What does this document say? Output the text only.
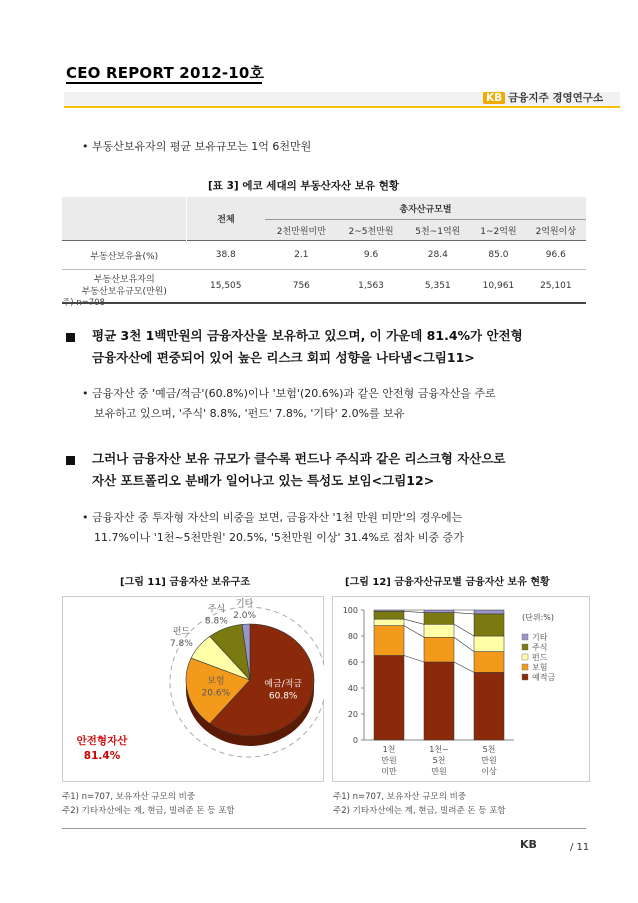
CEO REPORT 2012-10호
KB 금융지주 경영연구소
• 부동산보유자의 평균 보유규모는 1억 6천만원
[표 3] 에코 세대의 부동산자산 보유 현황
	전체	총자산규모별				
		2천만원미만	2~5천만원	5천~1억원	1~2억원	2억원이상
부동산보유율(%)	38.8	2.1	9.6	28.4	85.0	96.6
부동산보유자의
부동산보유규모(만원)	15,505	756	1,563	5,351	10,961	25,101
주) n=708
평균 3천 1백만원의 금융자산을 보유하고 있으며, 이 가운데 81.4%가 안전형
금융자산에 편중되어 있어 높은 리스크 회피 성향을 나타냄<그림11>
• 금융자산 중 '예금/적금'(60.8%)이나 '보험'(20.6%)과 같은 안전형 금융자산을 주로
보유하고 있으며, '주식' 8.8%, '펀드' 7.8%, '기타' 2.0%를 보유
그러나 금융자산 보유 규모가 클수록 펀드나 주식과 같은 리스크형 자산으로
자산 포트폴리오 분배가 일어나고 있는 특성도 보임<그림12>
• 금융자산 중 투자형 자산의 비중을 보면, 금융자산 '1천 만원 미만'의 경우에는
11.7%이나 '1천~5천만원' 20.5%, '5천만원 이상' 31.4%로 점차 비중 증가
[그림 11] 금융자산 보유구조	[그림 12] 금융자산규모별 금융자산 보유 현황
예금/적금
60.8%
보험
20.6%
펀드
7.8%
주식
8.8%
기타
2.0%
안전형자산
81.4%
(단위:%)
0
20
40
60
80
100
1천
만원
미만
1천~
5천
만원
5천
만원
이상
기타
주식
펀드
보험
예적금
주1) n=707, 보유자산 규모의 비중
주2) 기타자산에는 계, 현금, 빌려준 돈 등 포함
주1) n=707, 보유자산 규모의 비중
주2) 기타자산에는 계, 현금, 빌려준 돈 등 포함
KB	/ 11
